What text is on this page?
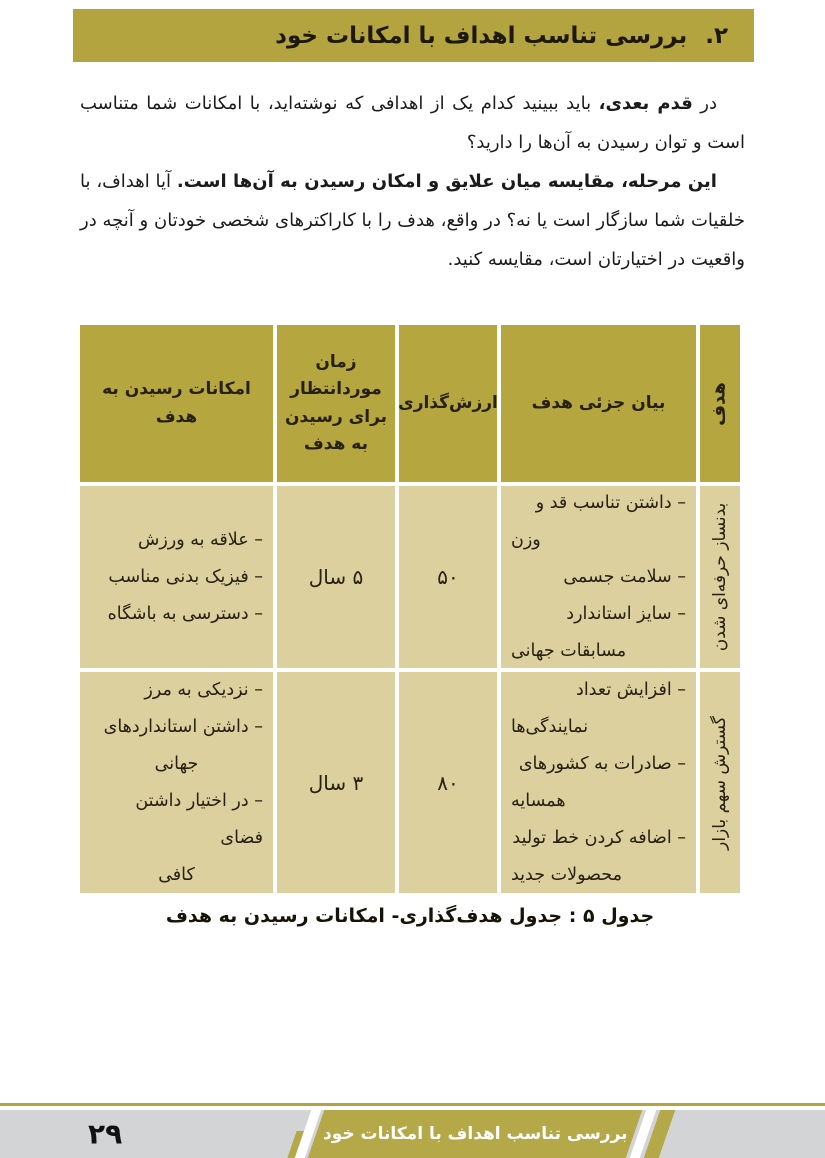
۲.
بررسی تناسب اهداف با امکانات خود

در قدم بعدی، باید ببینید کدام یک از اهدافی که نوشته‌اید، با امکانات شما متناسب است و توان رسیدن به آن‌ها را دارید؟

این مرحله، مقایسه میان علایق و امکان رسیدن به آن‌ها است. آیا اهداف، با خلقیات شما سازگار است یا نه؟ در واقع، هدف را با کاراکترهای شخصی خودتان و آنچه در واقعیت در اختیارتان است، مقایسه کنید.

هدف
بیان جزئی هدف
ارزش‌گذاری
زمان موردانتظار برای رسیدن به هدف
امکانات رسیدن به هدف
بدنساز حرفه‌ای شدن
– داشتن تناسب قد و
وزن
– سلامت جسمی
– سایز استاندارد
مسابقات جهانی
۵۰
۵ سال
– علاقه به ورزش
– فیزیک بدنی مناسب
– دسترسی به باشگاه
گسترش سهم بازار
– افزایش تعداد
نمایندگی‌ها
– صادرات به کشورهای
همسایه
– اضافه کردن خط تولید
محصولات جدید
۸۰
۳ سال
– نزدیکی به مرز
– داشتن استانداردهای
جهانی
– در اختیار داشتن فضای
کافی
جدول ۵ : جدول هدف‌گذاری- امکانات رسیدن به هدف
۲۹	بررسی تناسب اهداف با امکانات خود
